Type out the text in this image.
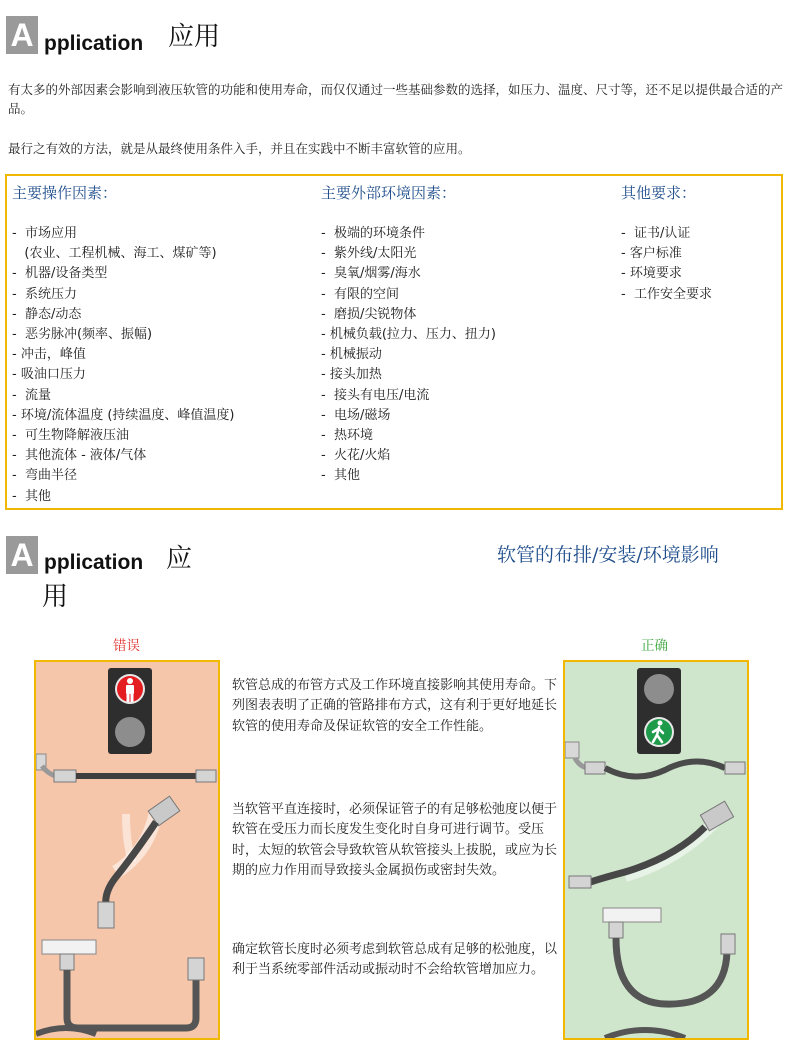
A pplication 应用
有太多的外部因素会影响到液压软管的功能和使用寿命，而仅仅通过一些基础参数的选择，如压力、温度、尺寸等，还不足以提供最合适的产品。
最行之有效的方法，就是从最终使用条件入手，并且在实践中不断丰富软管的应用。
主要操作因素：
-  市场应用
(农业、工程机械、海工、煤矿等)
-  机器/设备类型
-  系统压力
-  静态/动态
-  恶劣脉冲(频率、振幅)
- 冲击，峰值
- 吸油口压力
-  流量
- 环境/流体温度 (持续温度、峰值温度)
-  可生物降解液压油
-  其他流体 - 液体/气体
-  弯曲半径
-  其他
主要外部环境因素：
-  极端的环境条件
-  紫外线/太阳光
-  臭氧/烟雾/海水
-  有限的空间
-  磨损/尖锐物体
- 机械负载(拉力、压力、扭力)
- 机械振动
- 接头加热
-  接头有电压/电流
-  电场/磁场
-  热环境
-  火花/火焰
-  其他
其他要求：
-  证书/认证
- 客户标准
- 环境要求
-  工作安全要求
A pplication 应
用
软管的布排/安装/环境影响
错误	正确
软管总成的布管方式及工作环境直接影响其使用寿命。下列图表表明了正确的管路排布方式，这有利于更好地延长软管的使用寿命及保证软管的安全工作性能。
当软管平直连接时，必须保证管子的有足够松弛度以便于软管在受压力而长度发生变化时自身可进行调节。受压时，太短的软管会导致软管从软管接头上拔脱，或应为长期的应力作用而导致接头金属损伤或密封失效。
确定软管长度时必须考虑到软管总成有足够的松弛度，以利于当系统零部件活动或振动时不会给软管增加应力。
